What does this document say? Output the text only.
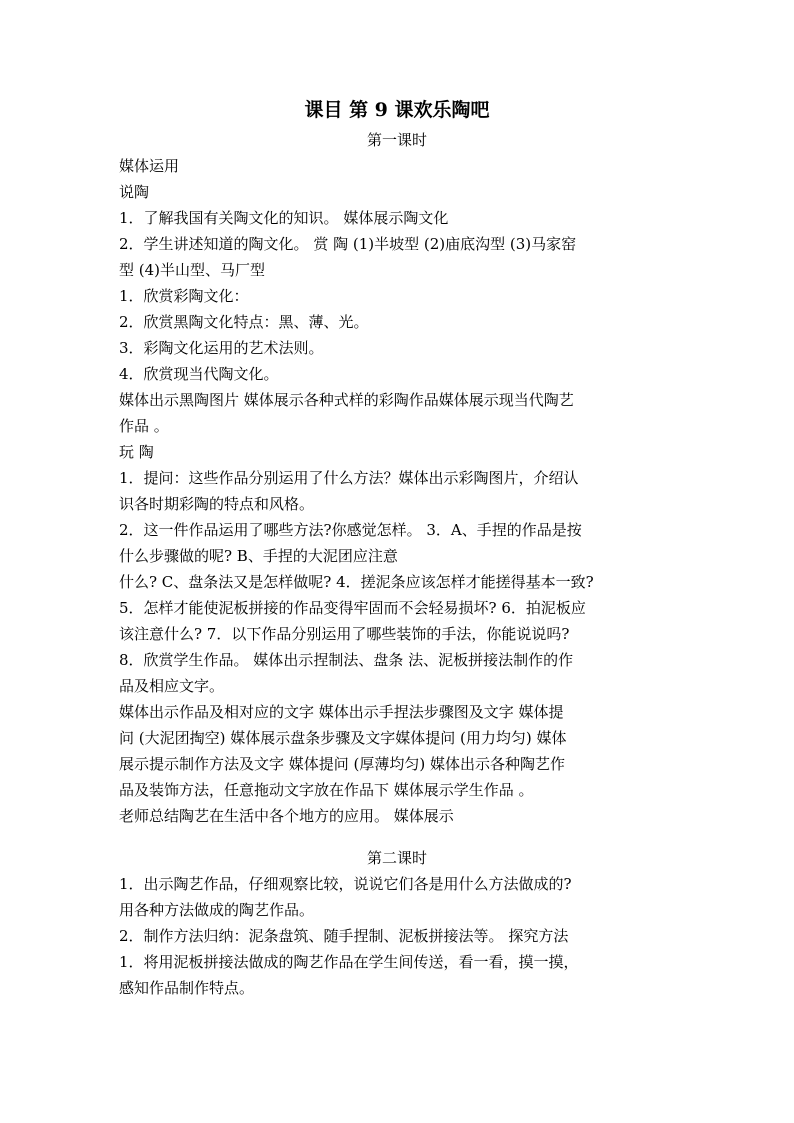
课目 第 9 课欢乐陶吧
第一课时
媒体运用
说陶
1．了解我国有关陶文化的知识。 媒体展示陶文化
2．学生讲述知道的陶文化。 赏 陶 (1)半坡型 (2)庙底沟型 (3)马家窑
型 (4)半山型、马厂型
1．欣赏彩陶文化：
2．欣赏黑陶文化特点：黑、薄、光。
3．彩陶文化运用的艺术法则。
4．欣赏现当代陶文化。
媒体出示黑陶图片 媒体展示各种式样的彩陶作品媒体展示现当代陶艺
作品 。
玩 陶
1．提问：这些作品分别运用了什么方法？媒体出示彩陶图片，介绍认
识各时期彩陶的特点和风格。
2．这一件作品运用了哪些方法?你感觉怎样。 3．A、手捏的作品是按
什么步骤做的呢? B、手捏的大泥团应注意
什么? C、盘条法又是怎样做呢? 4．搓泥条应该怎样才能搓得基本一致?
5．怎样才能使泥板拼接的作品变得牢固而不会轻易损坏? 6．拍泥板应
该注意什么? 7．以下作品分别运用了哪些装饰的手法，你能说说吗?
8．欣赏学生作品。 媒体出示捏制法、盘条 法、泥板拼接法制作的作
品及相应文字。
媒体出示作品及相对应的文字 媒体出示手捏法步骤图及文字 媒体提
问 (大泥团掏空) 媒体展示盘条步骤及文字媒体提问 (用力均匀) 媒体
展示提示制作方法及文字 媒体提问 (厚薄均匀) 媒体出示各种陶艺作
品及装饰方法，任意拖动文字放在作品下 媒体展示学生作品 。
老师总结陶艺在生活中各个地方的应用。 媒体展示
第二课时
1．出示陶艺作品，仔细观察比较，说说它们各是用什么方法做成的?
用各种方法做成的陶艺作品。
2．制作方法归纳：泥条盘筑、随手捏制、泥板拼接法等。 探究方法
1．将用泥板拼接法做成的陶艺作品在学生间传送，看一看，摸一摸，
感知作品制作特点。
